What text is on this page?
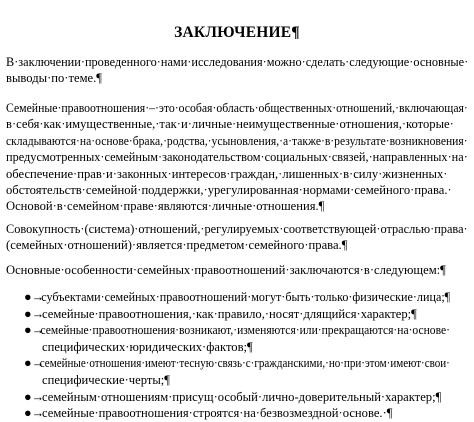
ЗАКЛЮЧЕНИЕ¶
В·заключении·проведенного·нами·исследования·можно·сделать·следующие·основные·
выводы·по·теме.¶
Семейные·правоотношения·–·это·особая·область·общественных·отношений,·включающая·
в·себя·как·имущественные,·так·и·личные·неимущественные·отношения,·которые·
складываются·на·основе·брака,·родства,·усыновления,·а·также·в·результате·возникновения·
предусмотренных·семейным·законодательством·социальных·связей,·направленных·на·
обеспечение·прав·и·законных·интересов·граждан,·лишенных·в·силу·жизненных·
обстоятельств·семейной·поддержки,·урегулированная·нормами·семейного·права.·
Основой·в·семейном·праве·являются·личные·отношения.¶
Совокупность·(система)·отношений,·регулируемых·соответствующей·отраслью·права·
(семейных·отношений)·является·предметом·семейного·права.¶
Основные·особенности·семейных·правоотношений·заключаются·в·следующем:¶
●→
субъектами·семейных·правоотношений·могут·быть·только·физические·лица;¶
●→
семейные·правоотношения,·как·правило,·носят·длящийся·характер;¶
●→
семейные·правоотношения·возникают,·изменяются·или·прекращаются·на·основе·
специфических·юридических·фактов;¶
●→
семейные·отношения·имеют·тесную·связь·с·гражданскими,·но·при·этом·имеют·свои·
специфические·черты;¶
●→
семейным·отношениям·присущ·особый·лично-доверительный·характер;¶
●→
семейные·правоотношения·строятся·на·безвозмездной·основе.·¶
